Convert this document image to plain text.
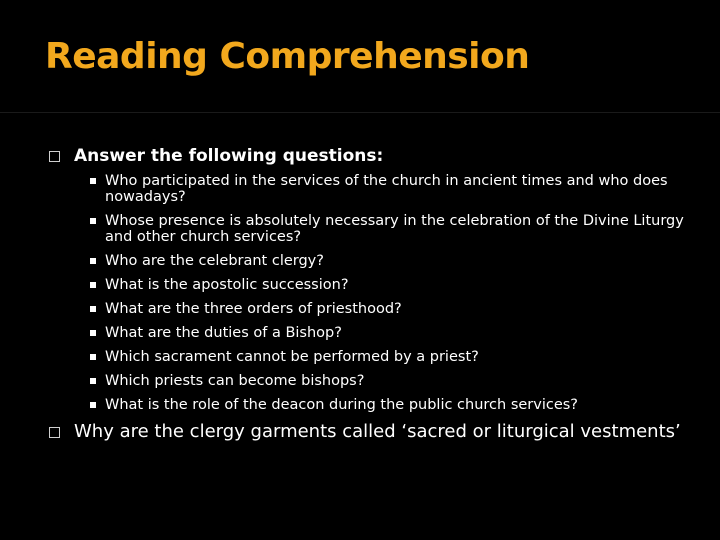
Reading Comprehension
Answer the following questions:
Who participated in the services of the church in ancient times and who does nowadays?
Whose presence is absolutely necessary in the celebration of the Divine Liturgy and other church services?
Who are the celebrant clergy?
What is the apostolic succession?
What are the three orders of priesthood?
What are the duties of a Bishop?
Which sacrament cannot be performed by a priest?
Which priests can become bishops?
What is the role of the deacon during the public church services?
Why are the clergy garments called ‘sacred or liturgical vestments’
